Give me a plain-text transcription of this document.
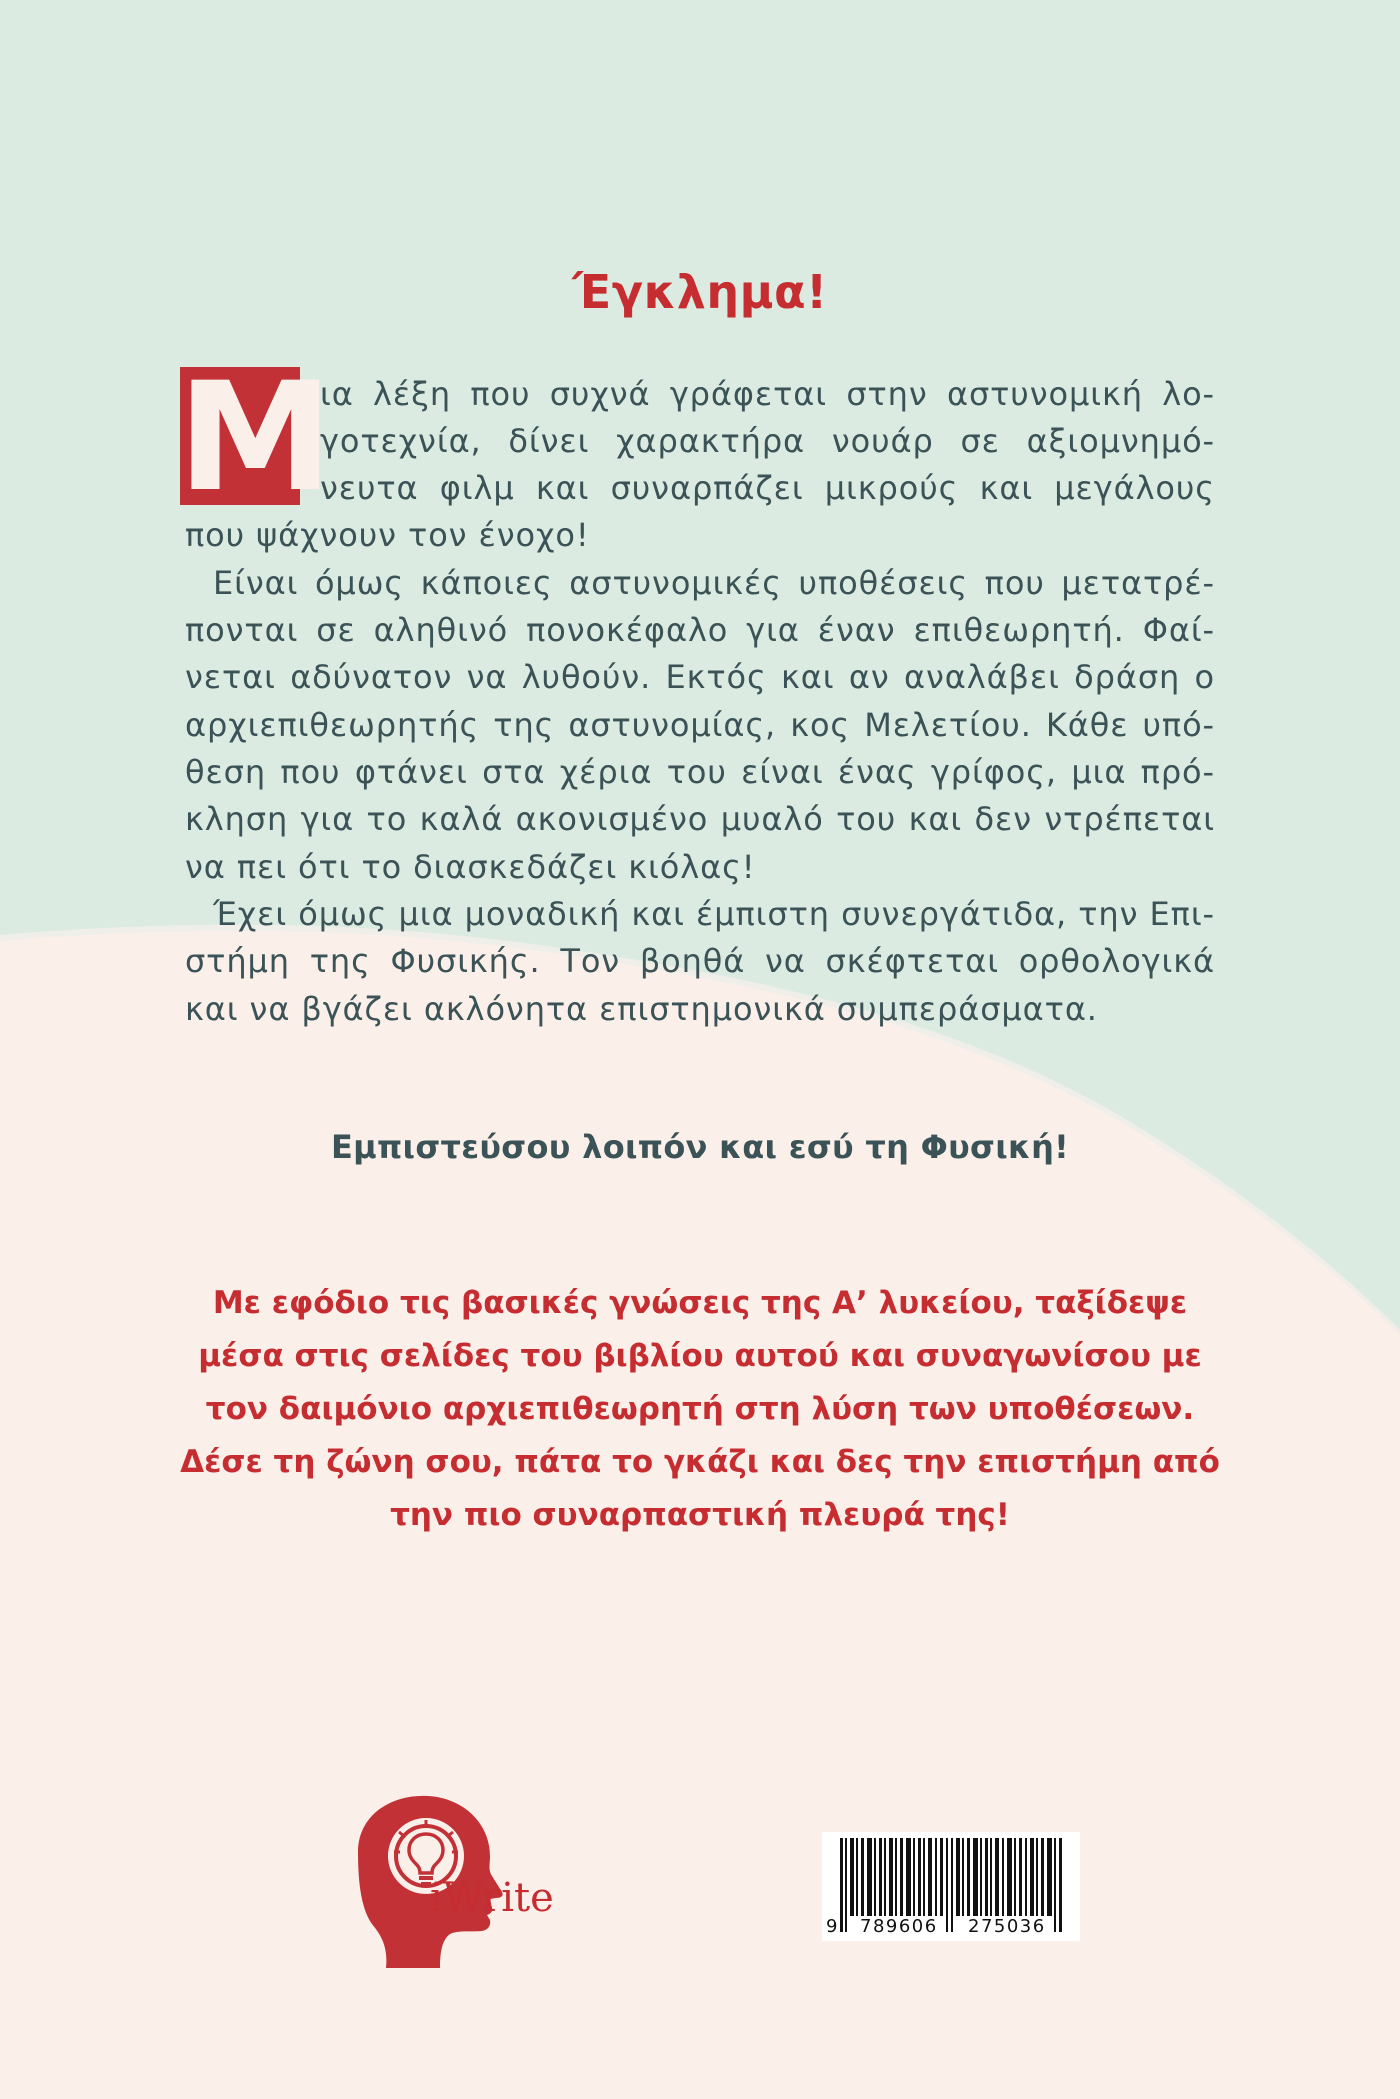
Έγκλημα!
Μ
ια λέξη που συχνά γράφεται στην αστυνομική λο-
γοτεχνία, δίνει χαρακτήρα νουάρ σε αξιομνημό-
νευτα φιλμ και συναρπάζει μικρούς και μεγάλους
που ψάχνουν τον ένοχο!
Είναι όμως κάποιες αστυνομικές υποθέσεις που μετατρέ-
πονται σε αληθινό πονοκέφαλο για έναν επιθεωρητή. Φαί-
νεται αδύνατον να λυθούν. Εκτός και αν αναλάβει δράση ο
αρχιεπιθεωρητής της αστυνομίας, κος Μελετίου. Κάθε υπό-
θεση που φτάνει στα χέρια του είναι ένας γρίφος, μια πρό-
κληση για το καλά ακονισμένο μυαλό του και δεν ντρέπεται
να πει ότι το διασκεδάζει κιόλας!
Έχει όμως μια μοναδική και έμπιστη συνεργάτιδα, την Επι-
στήμη της Φυσικής. Τον βοηθά να σκέφτεται ορθολογικά
και να βγάζει ακλόνητα επιστημονικά συμπεράσματα.
Εμπιστεύσου λοιπόν και εσύ τη Φυσική!
Με εφόδιο τις βασικές γνώσεις της Α’ λυκείου, ταξίδεψε
μέσα στις σελίδες του βιβλίου αυτού και συναγωνίσου με
τον δαιμόνιο αρχιεπιθεωρητή στη λύση των υποθέσεων.
Δέσε τη ζώνη σου, πάτα το γκάζι και δες την επιστήμη από
την πιο συναρπαστική πλευρά της!
iWrite
9 789606 275036
